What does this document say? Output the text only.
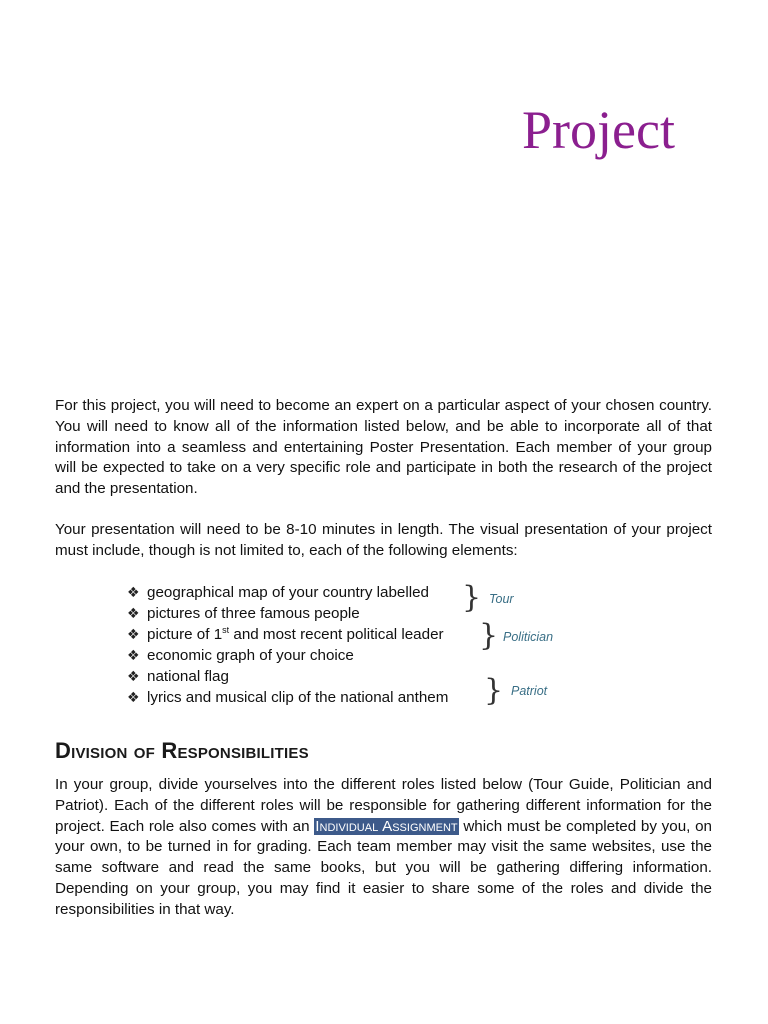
Project

For this project, you will need to become an expert on a particular aspect of your chosen country. You will need to know all of the information listed below, and be able to incorporate all of that information into a seamless and entertaining Poster Presentation. Each member of your group will be expected to take on a very specific role and participate in both the research of the project and the presentation.

Your presentation will need to be 8-10 minutes in length. The visual presentation of your project must include, though is not limited to, each of the following elements:

❖ geographical map of your country labelled
❖ pictures of three famous people
❖ picture of 1st and most recent political leader
❖ economic graph of your choice
❖ national flag
❖ lyrics and musical clip of the national anthem
} Tour
} Politician
} Patriot
Division of Responsibilities

In your group, divide yourselves into the different roles listed below (Tour Guide, Politician and Patriot). Each of the different roles will be responsible for gathering different information for the project. Each role also comes with an Individual Assignment which must be completed by you, on your own, to be turned in for grading. Each team member may visit the same websites, use the same software and read the same books, but you will be gathering differing information. Depending on your group, you may find it easier to share some of the roles and divide the responsibilities in that way.
